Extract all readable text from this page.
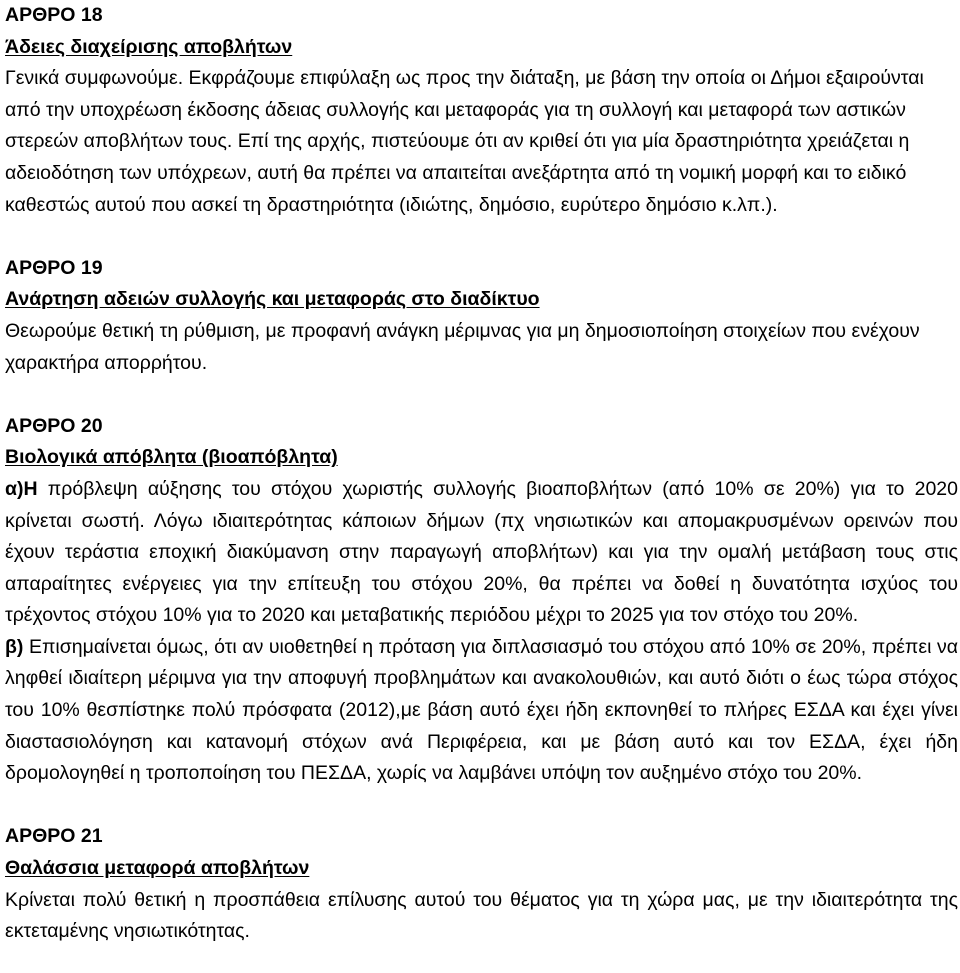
ΑΡΘΡΟ 18
Άδειες διαχείρισης αποβλήτων

Γενικά συμφωνούμε. Εκφράζουμε επιφύλαξη ως προς την διάταξη, με βάση την οποία οι Δήμοι εξαιρούνται από την υποχρέωση έκδοσης άδειας συλλογής και μεταφοράς για τη συλλογή και μεταφορά των αστικών στερεών αποβλήτων τους. Επί της αρχής, πιστεύουμε ότι αν κριθεί ότι για μία δραστηριότητα χρειάζεται η αδειοδότηση των υπόχρεων, αυτή θα πρέπει να απαιτείται ανεξάρτητα από τη νομική μορφή και το ειδικό καθεστώς αυτού που ασκεί τη δραστηριότητα (ιδιώτης, δημόσιο, ευρύτερο δημόσιο κ.λπ.).

ΑΡΘΡΟ 19
Ανάρτηση αδειών συλλογής και μεταφοράς στο διαδίκτυο

Θεωρούμε θετική τη ρύθμιση, με προφανή ανάγκη μέριμνας για μη δημοσιοποίηση στοιχείων που ενέχουν χαρακτήρα απορρήτου.

ΑΡΘΡΟ 20
Βιολογικά απόβλητα (βιοαπόβλητα)

α)Η πρόβλεψη αύξησης του στόχου χωριστής συλλογής βιοαποβλήτων (από 10% σε 20%) για το 2020 κρίνεται σωστή. Λόγω ιδιαιτερότητας κάποιων δήμων (πχ νησιωτικών και απομακρυσμένων ορεινών που έχουν τεράστια εποχική διακύμανση στην παραγωγή αποβλήτων) και για την ομαλή μετάβαση τους στις απαραίτητες ενέργειες για την επίτευξη του στόχου 20%, θα πρέπει να δοθεί η δυνατότητα ισχύος του τρέχοντος στόχου 10% για το 2020 και μεταβατικής περιόδου μέχρι το 2025 για τον στόχο του 20%.

β) Επισημαίνεται όμως, ότι αν υιοθετηθεί η πρόταση για διπλασιασμό του στόχου από 10% σε 20%, πρέπει να ληφθεί ιδιαίτερη μέριμνα για την αποφυγή προβλημάτων και ανακολουθιών, και αυτό διότι ο έως τώρα στόχος του 10% θεσπίστηκε πολύ πρόσφατα (2012),με βάση αυτό έχει ήδη εκπονηθεί το πλήρες ΕΣΔΑ και έχει γίνει διαστασιολόγηση και κατανομή στόχων ανά Περιφέρεια, και με βάση αυτό και τον ΕΣΔΑ, έχει ήδη δρομολογηθεί η τροποποίηση του ΠΕΣΔΑ, χωρίς να λαμβάνει υπόψη τον αυξημένο στόχο του 20%.

ΑΡΘΡΟ 21
Θαλάσσια μεταφορά αποβλήτων

Κρίνεται πολύ θετική η προσπάθεια επίλυσης αυτού του θέματος για τη χώρα μας, με την ιδιαιτερότητα της εκτεταμένης νησιωτικότητας.
